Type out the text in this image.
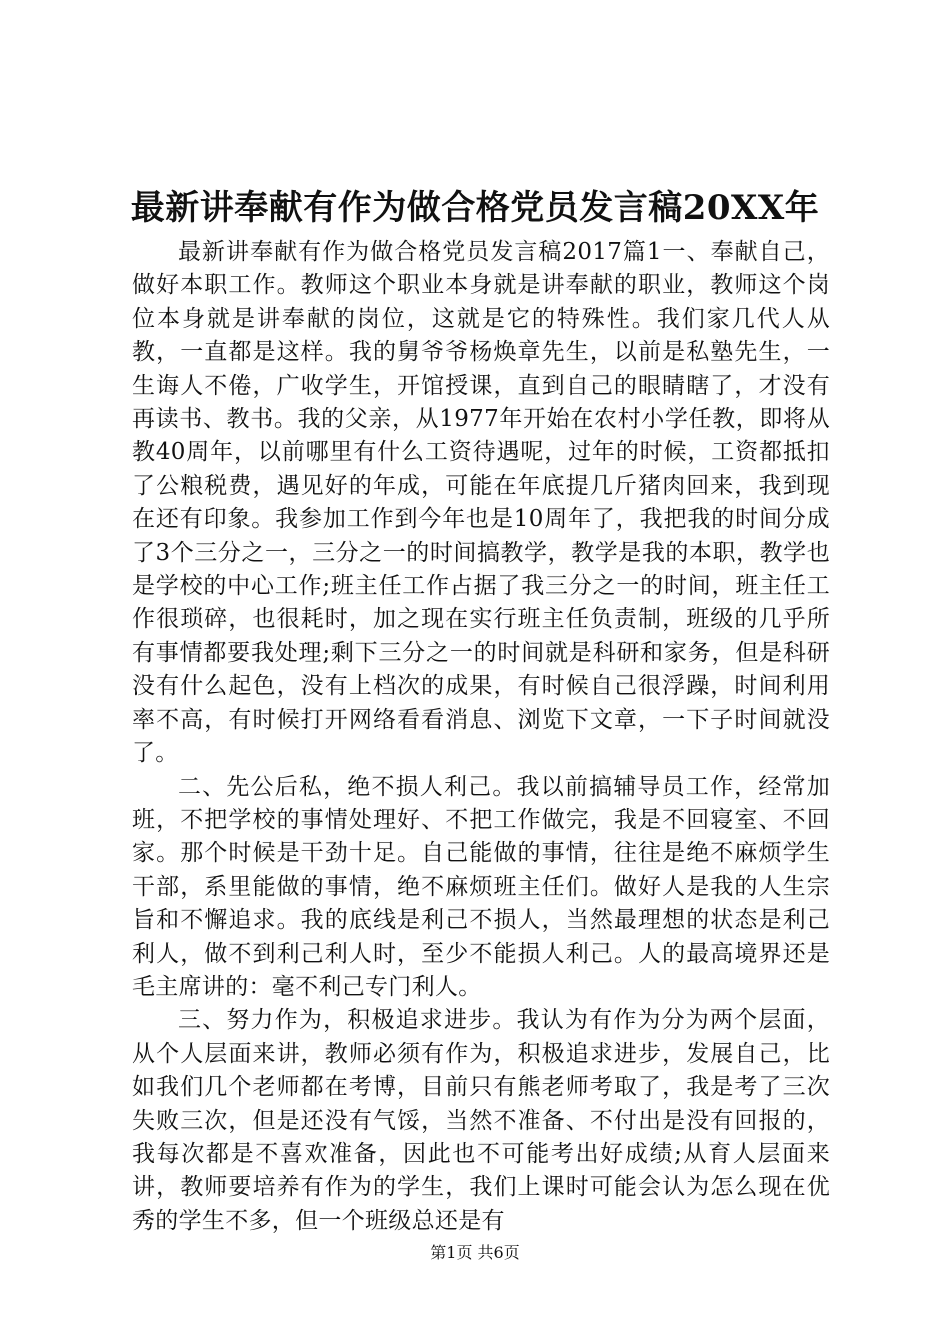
最新讲奉献有作为做合格党员发言稿20XX年

最新讲奉献有作为做合格党员发言稿2017篇1一、奉献自己，做好本职工作。教师这个职业本身就是讲奉献的职业，教师这个岗位本身就是讲奉献的岗位，这就是它的特殊性。我们家几代人从教，一直都是这样。我的舅爷爷杨焕章先生，以前是私塾先生，一生诲人不倦，广收学生，开馆授课，直到自己的眼睛瞎了，才没有再读书、教书。我的父亲，从1977年开始在农村小学任教，即将从教40周年，以前哪里有什么工资待遇呢，过年的时候，工资都抵扣了公粮税费，遇见好的年成，可能在年底提几斤猪肉回来，我到现在还有印象。我参加工作到今年也是10周年了，我把我的时间分成了3个三分之一，三分之一的时间搞教学，教学是我的本职，教学也是学校的中心工作;班主任工作占据了我三分之一的时间，班主任工作很琐碎，也很耗时，加之现在实行班主任负责制，班级的几乎所有事情都要我处理;剩下三分之一的时间就是科研和家务，但是科研没有什么起色，没有上档次的成果，有时候自己很浮躁，时间利用率不高，有时候打开网络看看消息、浏览下文章，一下子时间就没了。

二、先公后私，绝不损人利己。我以前搞辅导员工作，经常加班，不把学校的事情处理好、不把工作做完，我是不回寝室、不回家。那个时候是干劲十足。自己能做的事情，往往是绝不麻烦学生干部，系里能做的事情，绝不麻烦班主任们。做好人是我的人生宗旨和不懈追求。我的底线是利己不损人，当然最理想的状态是利己利人，做不到利己利人时，至少不能损人利己。人的最高境界还是毛主席讲的：毫不利己专门利人。

三、努力作为，积极追求进步。我认为有作为分为两个层面，从个人层面来讲，教师必须有作为，积极追求进步，发展自己，比如我们几个老师都在考博，目前只有熊老师考取了，我是考了三次失败三次，但是还没有气馁，当然不准备、不付出是没有回报的，我每次都是不喜欢准备，因此也不可能考出好成绩;从育人层面来讲，教师要培养有作为的学生，我们上课时可能会认为怎么现在优秀的学生不多，但一个班级总还是有

第1页 共6页
